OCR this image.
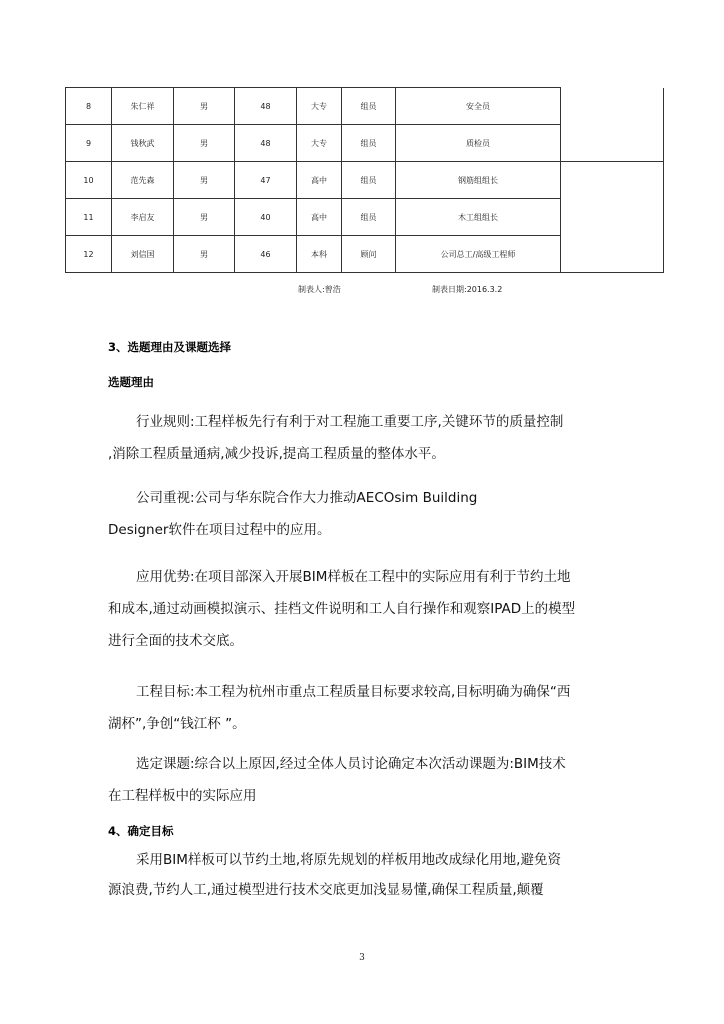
8	朱仁祥	男	48	大专	组员	安全员	
9	钱秋武	男	48	大专	组员	质检员	
10	范先森	男	47	高中	组员	钢筋组组长	
11	李启友	男	40	高中	组员	木工组组长	
12	刘信国	男	46	本科	顾问	公司总工/高级工程师	
制表人:曾浩	制表日期:2016.3.2
3、选题理由及课题选择
选题理由
行业规则:工程样板先行有利于对工程施工重要工序,关键环节的质量控制
,消除工程质量通病,减少投诉,提高工程质量的整体水平。
公司重视:公司与华东院合作大力推动AECOsim Building
Designer软件在项目过程中的应用。
应用优势:在项目部深入开展BIM样板在工程中的实际应用有利于节约土地
和成本,通过动画模拟演示、挂档文件说明和工人自行操作和观察IPAD上的模型
进行全面的技术交底。
工程目标:本工程为杭州市重点工程质量目标要求较高,目标明确为确保“西
湖杯”,争创“钱江杯 ”。
选定课题:综合以上原因,经过全体人员讨论确定本次活动课题为:BIM技术
在工程样板中的实际应用
4、确定目标
采用BIM样板可以节约土地,将原先规划的样板用地改成绿化用地,避免资
源浪费,节约人工,通过模型进行技术交底更加浅显易懂,确保工程质量,颠覆
3
